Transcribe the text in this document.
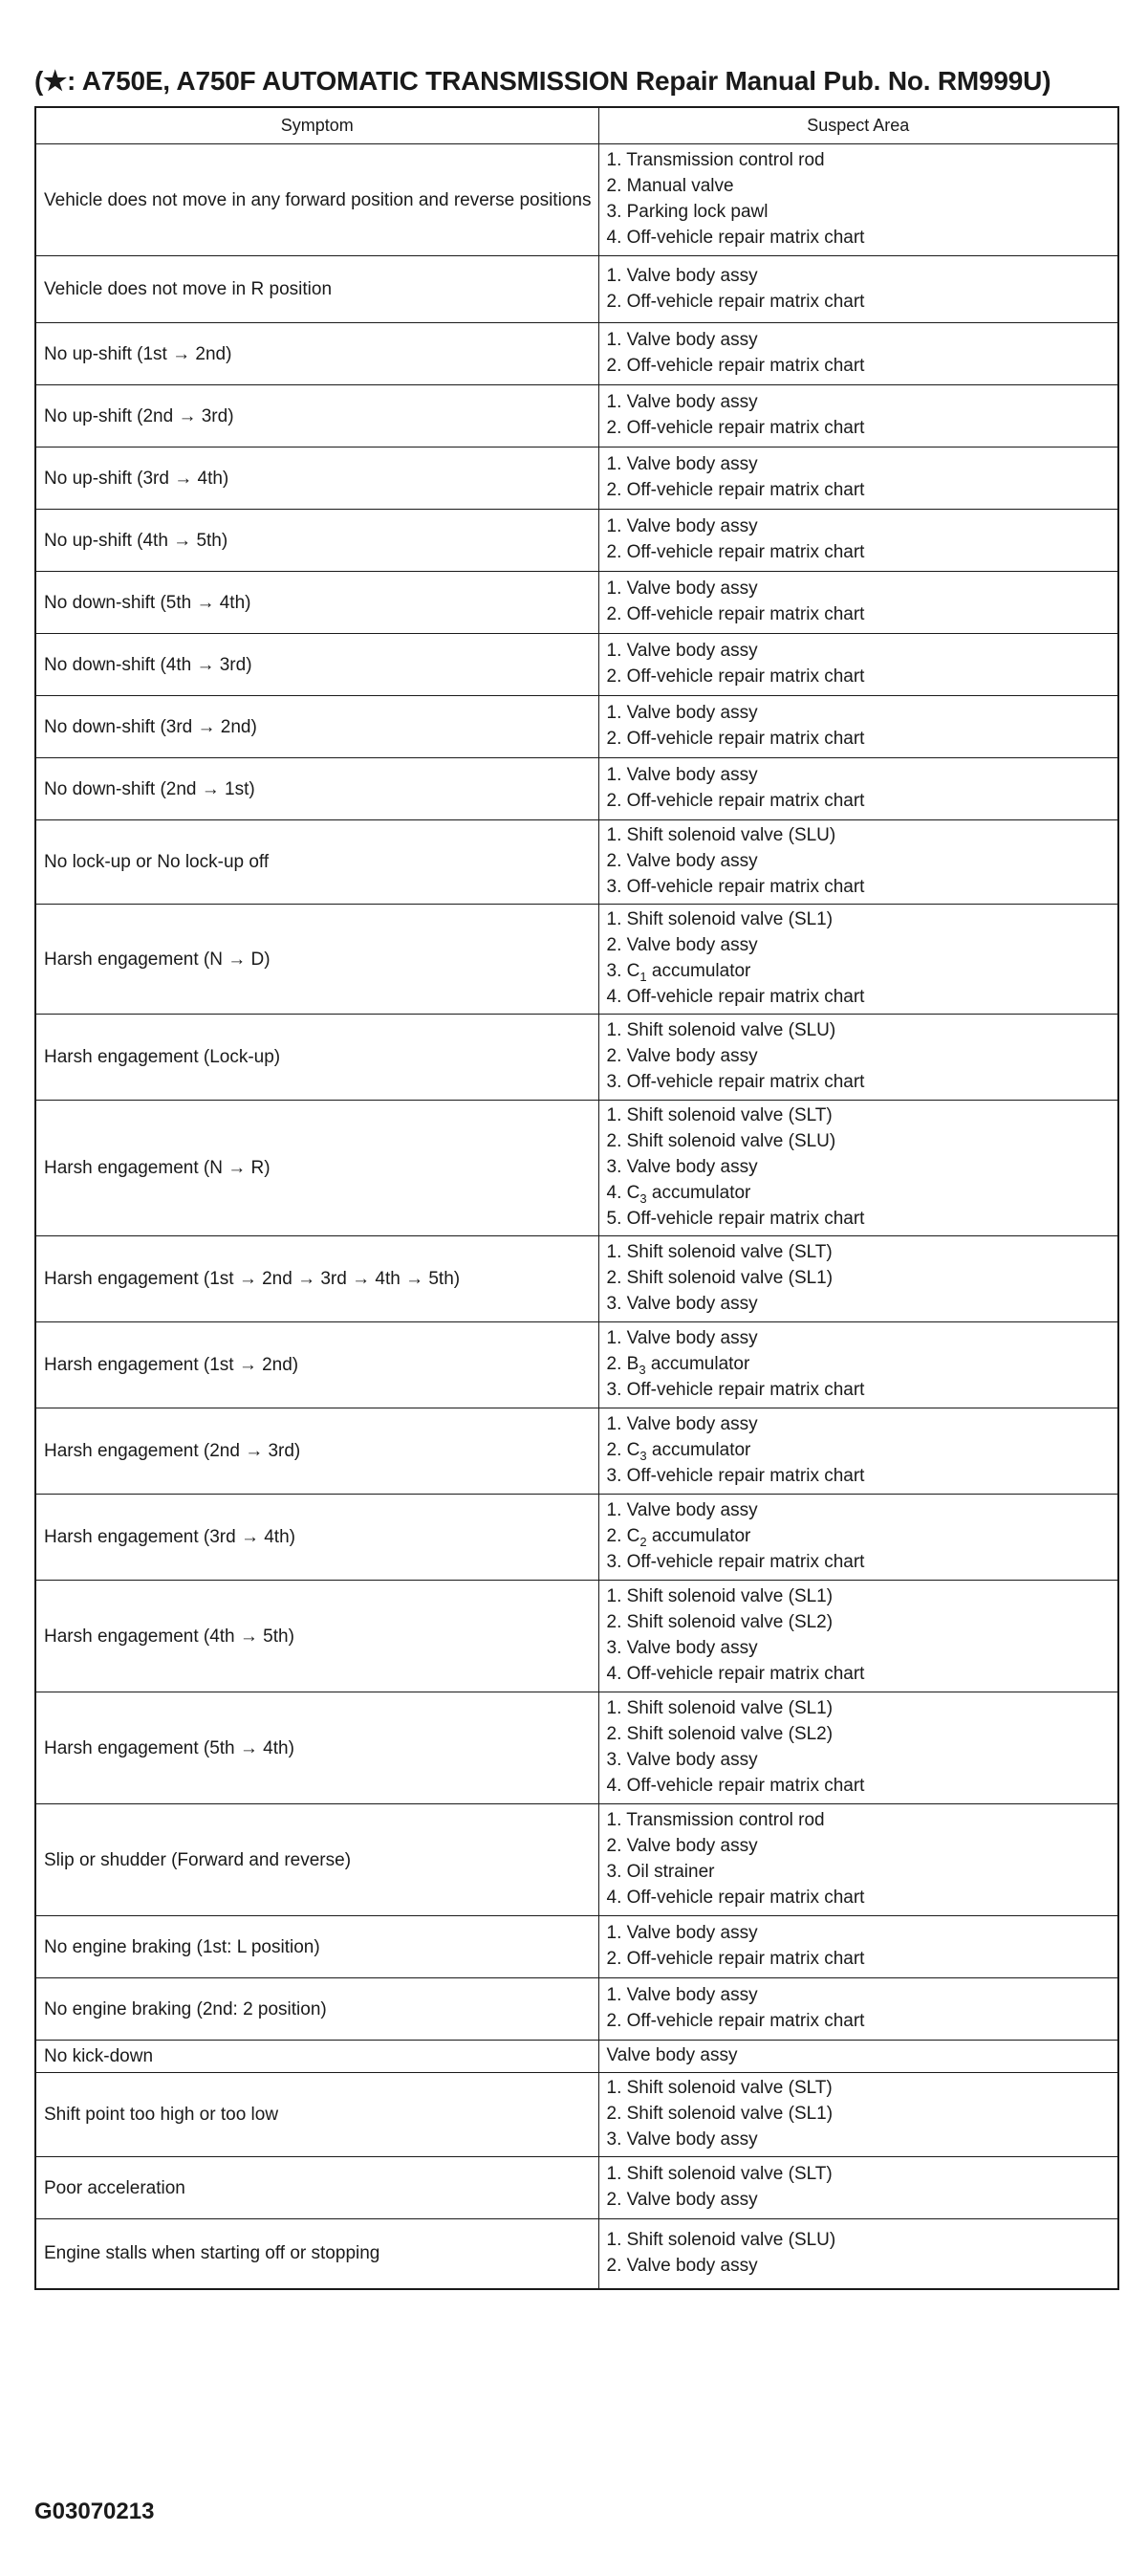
(★: A750E, A750F AUTOMATIC TRANSMISSION Repair Manual Pub. No. RM999U)
Symptom	Suspect Area
Vehicle does not move in any forward position and reverse positions	1. Transmission control rod
2. Manual valve
3. Parking lock pawl
4. Off-vehicle repair matrix chart

Vehicle does not move in R position	1. Valve body assy
2. Off-vehicle repair matrix chart

No up-shift (1st → 2nd)	1. Valve body assy
2. Off-vehicle repair matrix chart

No up-shift (2nd → 3rd)	1. Valve body assy
2. Off-vehicle repair matrix chart

No up-shift (3rd → 4th)	1. Valve body assy
2. Off-vehicle repair matrix chart

No up-shift (4th → 5th)	1. Valve body assy
2. Off-vehicle repair matrix chart

No down-shift (5th → 4th)	1. Valve body assy
2. Off-vehicle repair matrix chart

No down-shift (4th → 3rd)	1. Valve body assy
2. Off-vehicle repair matrix chart

No down-shift (3rd → 2nd)	1. Valve body assy
2. Off-vehicle repair matrix chart

No down-shift (2nd → 1st)	1. Valve body assy
2. Off-vehicle repair matrix chart

No lock-up or No lock-up off	1. Shift solenoid valve (SLU)
2. Valve body assy
3. Off-vehicle repair matrix chart

Harsh engagement (N → D)	1. Shift solenoid valve (SL1)
2. Valve body assy
3. $C_1$ accumulator
4. Off-vehicle repair matrix chart

Harsh engagement (Lock-up)	1. Shift solenoid valve (SLU)
2. Valve body assy
3. Off-vehicle repair matrix chart

Harsh engagement (N → R)	1. Shift solenoid valve (SLT)
2. Shift solenoid valve (SLU)
3. Valve body assy
4. $C_3$ accumulator
5. Off-vehicle repair matrix chart

Harsh engagement (1st → 2nd → 3rd → 4th → 5th)	1. Shift solenoid valve (SLT)
2. Shift solenoid valve (SL1)
3. Valve body assy

Harsh engagement (1st → 2nd)	1. Valve body assy
2. $B_3$ accumulator
3. Off-vehicle repair matrix chart

Harsh engagement (2nd → 3rd)	1. Valve body assy
2. $C_3$ accumulator
3. Off-vehicle repair matrix chart

Harsh engagement (3rd → 4th)	1. Valve body assy
2. $C_2$ accumulator
3. Off-vehicle repair matrix chart

Harsh engagement (4th → 5th)	1. Shift solenoid valve (SL1)
2. Shift solenoid valve (SL2)
3. Valve body assy
4. Off-vehicle repair matrix chart

Harsh engagement (5th → 4th)	1. Shift solenoid valve (SL1)
2. Shift solenoid valve (SL2)
3. Valve body assy
4. Off-vehicle repair matrix chart

Slip or shudder (Forward and reverse)	1. Transmission control rod
2. Valve body assy
3. Oil strainer
4. Off-vehicle repair matrix chart

No engine braking (1st: L position)	1. Valve body assy
2. Off-vehicle repair matrix chart

No engine braking (2nd: 2 position)	1. Valve body assy
2. Off-vehicle repair matrix chart

No kick-down	Valve body assy

Shift point too high or too low	1. Shift solenoid valve (SLT)
2. Shift solenoid valve (SL1)
3. Valve body assy

Poor acceleration	1. Shift solenoid valve (SLT)
2. Valve body assy

Engine stalls when starting off or stopping	1. Shift solenoid valve (SLU)
2. Valve body assy
G03070213
